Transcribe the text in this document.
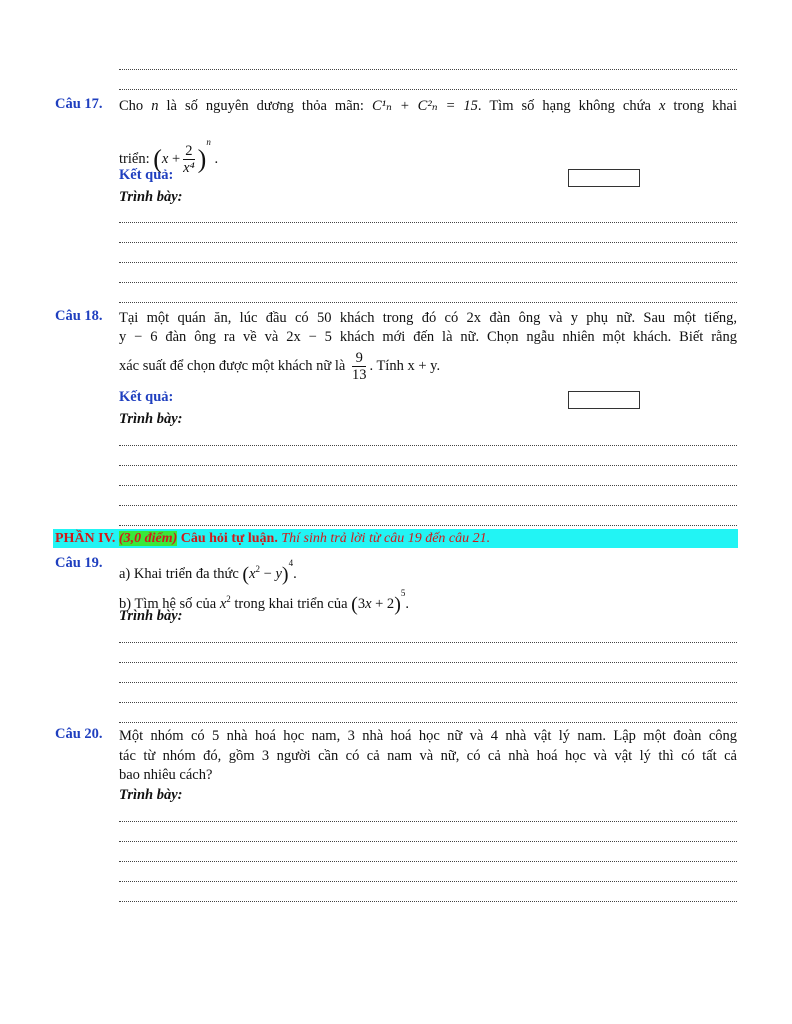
Câu 17. Cho n là số nguyên dương thỏa mãn: C¹ₙ + C²ₙ = 15. Tìm số hạng không chứa x trong khai
triển: $(x + \frac{2}{\text{x⁴}} )^n$ .
Kết quả:
Trình bày:
Câu 18. Tại một quán ăn, lúc đầu có 50 khách trong đó có 2x đàn ông và y phụ nữ. Sau một tiếng,
y − 6 đàn ông ra về và 2x − 5 khách mới đến là nữ. Chọn ngẫu nhiên một khách. Biết rằng
xác suất để chọn được một khách nữ là $\frac{9}{13}$ . Tính x + y.
Kết quả:
Trình bày:
PHẦN IV. (3,0 điểm) Câu hỏi tự luận. Thí sinh trả lời từ câu 19 đến câu 21.
Câu 19.
a) Khai triển đa thức $(x^2 - y)^4$.
b) Tìm hệ số của $x^2$ trong khai triển của $(3x + 2)^5$.
Trình bày:
Câu 20. Một nhóm có 5 nhà hoá học nam, 3 nhà hoá học nữ và 4 nhà vật lý nam. Lập một đoàn công
tác từ nhóm đó, gồm 3 người cần có cả nam và nữ, có cả nhà hoá học và vật lý thì có tất cả
bao nhiêu cách?
Trình bày:
